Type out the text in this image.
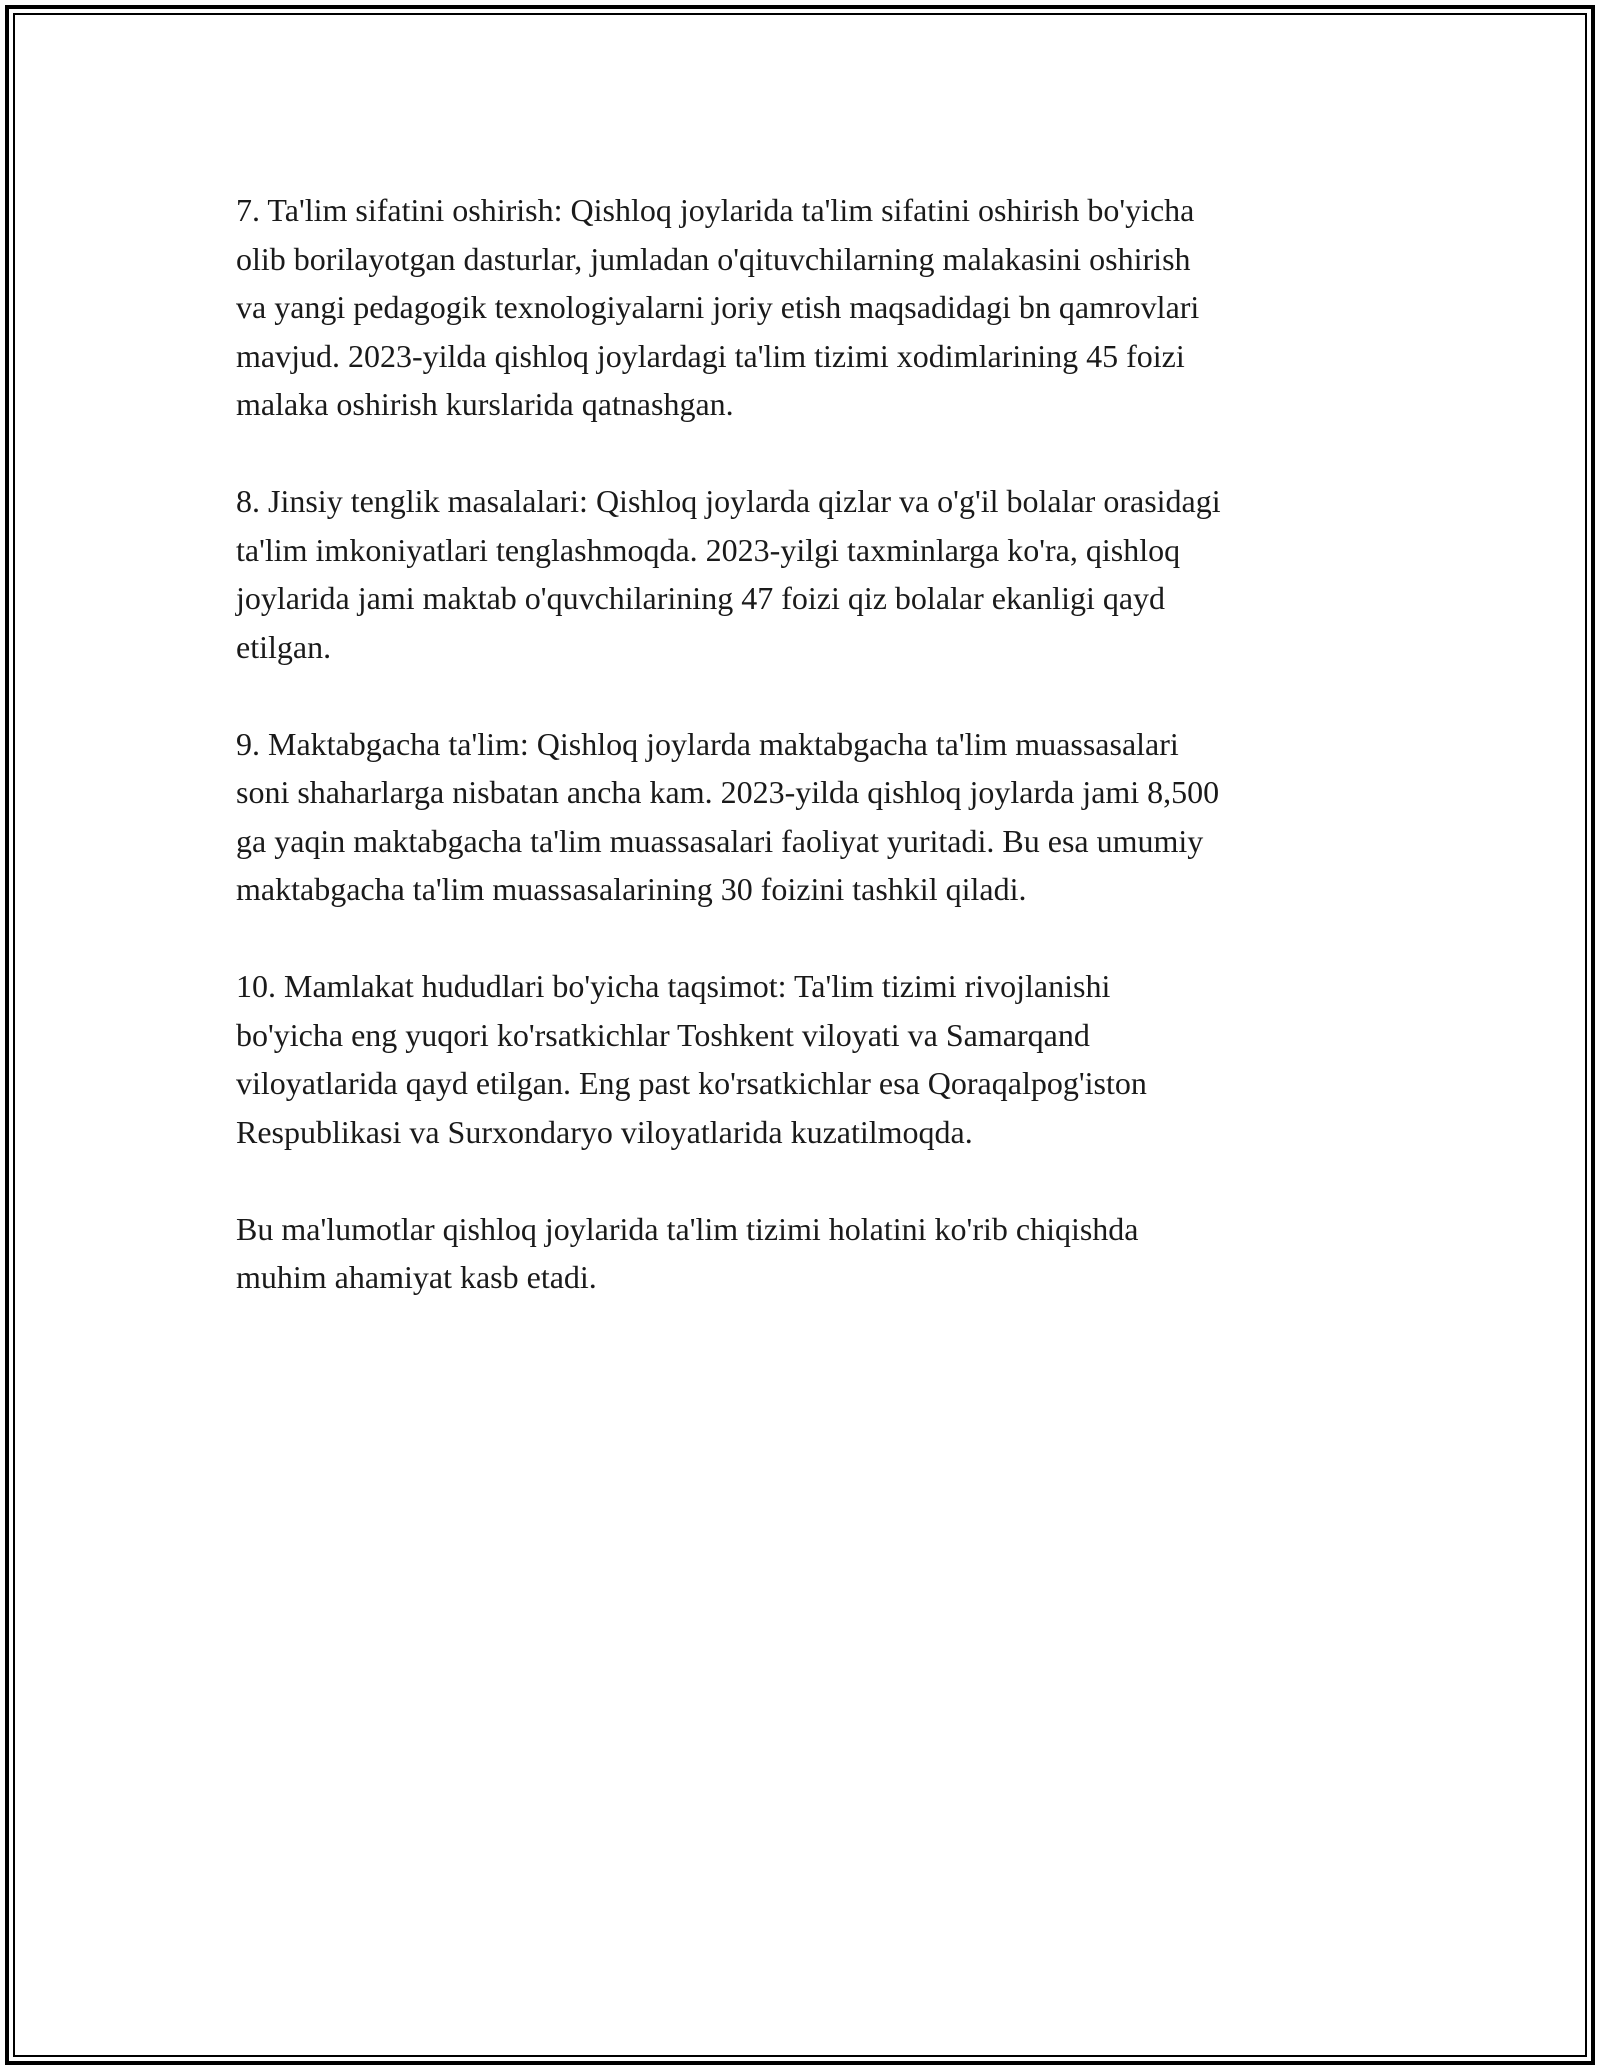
7. Ta'lim sifatini oshirish: Qishloq joylarida ta'lim sifatini oshirish bo'yicha
olib borilayotgan dasturlar, jumladan o'qituvchilarning malakasini oshirish
va yangi pedagogik texnologiyalarni joriy etish maqsadidagi bn qamrovlari
mavjud. 2023-yilda qishloq joylardagi ta'lim tizimi xodimlarining 45 foizi
malaka oshirish kurslarida qatnashgan.

8. Jinsiy tenglik masalalari: Qishloq joylarda qizlar va o'g'il bolalar orasidagi
ta'lim imkoniyatlari tenglashmoqda. 2023-yilgi taxminlarga ko'ra, qishloq
joylarida jami maktab o'quvchilarining 47 foizi qiz bolalar ekanligi qayd
etilgan.

9. Maktabgacha ta'lim: Qishloq joylarda maktabgacha ta'lim muassasalari
soni shaharlarga nisbatan ancha kam. 2023-yilda qishloq joylarda jami 8,500
ga yaqin maktabgacha ta'lim muassasalari faoliyat yuritadi. Bu esa umumiy
maktabgacha ta'lim muassasalarining 30 foizini tashkil qiladi.

10. Mamlakat hududlari bo'yicha taqsimot: Ta'lim tizimi rivojlanishi
bo'yicha eng yuqori ko'rsatkichlar Toshkent viloyati va Samarqand
viloyatlarida qayd etilgan. Eng past ko'rsatkichlar esa Qoraqalpog'iston
Respublikasi va Surxondaryo viloyatlarida kuzatilmoqda.

Bu ma'lumotlar qishloq joylarida ta'lim tizimi holatini ko'rib chiqishda
muhim ahamiyat kasb etadi.
